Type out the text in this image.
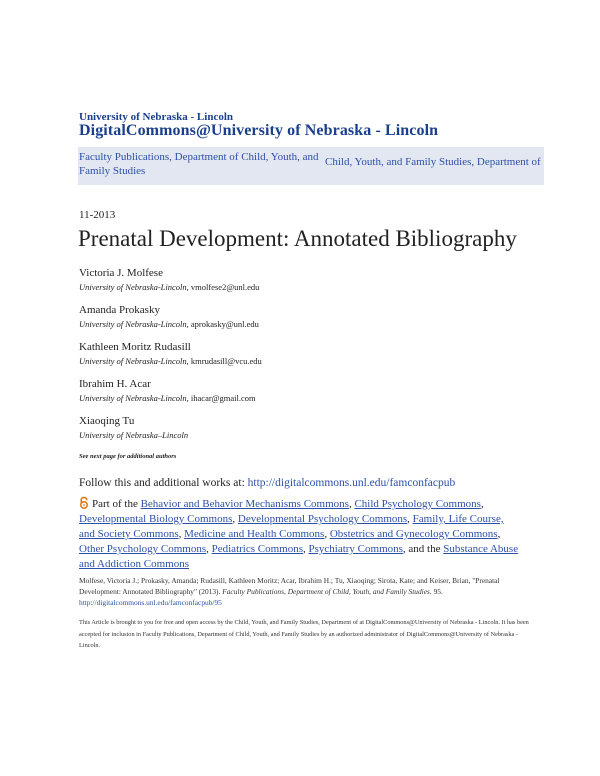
University of Nebraska - Lincoln
DigitalCommons@University of Nebraska - Lincoln
Faculty Publications, Department of Child, Youth, and Family Studies
Child, Youth, and Family Studies, Department of
11-2013
Prenatal Development: Annotated Bibliography
Victoria J. Molfese
University of Nebraska-Lincoln, vmolfese2@unl.edu
Amanda Prokasky
University of Nebraska-Lincoln, aprokasky@unl.edu
Kathleen Moritz Rudasill
University of Nebraska-Lincoln, kmrudasill@vcu.edu
Ibrahim H. Acar
University of Nebraska-Lincoln, ihacar@gmail.com
Xiaoqing Tu
University of Nebraska–Lincoln
See next page for additional authors
Follow this and additional works at: http://digitalcommons.unl.edu/famconfacpub
Part of the Behavior and Behavior Mechanisms Commons, Child Psychology Commons, Developmental Biology Commons, Developmental Psychology Commons, Family, Life Course, and Society Commons, Medicine and Health Commons, Obstetrics and Gynecology Commons, Other Psychology Commons, Pediatrics Commons, Psychiatry Commons, and the Substance Abuse and Addiction Commons
Molfese, Victoria J.; Prokasky, Amanda; Rudasill, Kathleen Moritz; Acar, Ibrahim H.; Tu, Xiaoqing; Sirota, Kate; and Keiser, Brian, "Prenatal Development: Annotated Bibliography" (2013). Faculty Publications, Department of Child, Youth, and Family Studies. 95.
http://digitalcommons.unl.edu/famconfacpub/95
This Article is brought to you for free and open access by the Child, Youth, and Family Studies, Department of at DigitalCommons@University of Nebraska - Lincoln. It has been accepted for inclusion in Faculty Publications, Department of Child, Youth, and Family Studies by an authorized administrator of DigitalCommons@University of Nebraska - Lincoln.
